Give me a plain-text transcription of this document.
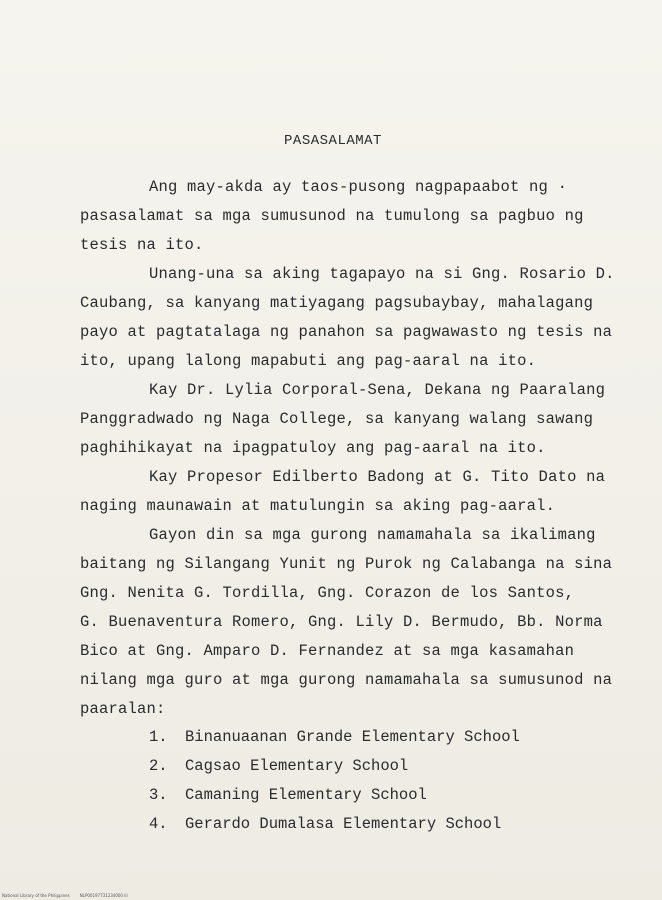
PASASALAMAT
Ang may-akda ay taos-pusong nagpapaabot ng ·
pasasalamat sa mga sumusunod na tumulong sa pagbuo ng
tesis na ito.
Unang-una sa aking tagapayo na si Gng. Rosario D.
Caubang, sa kanyang matiyagang pagsubaybay, mahalagang
payo at pagtatalaga ng panahon sa pagwawasto ng tesis na
ito, upang lalong mapabuti ang pag-aaral na ito.
Kay Dr. Lylia Corporal-Sena, Dekana ng Paaralang
Panggradwado ng Naga College, sa kanyang walang sawang
paghihikayat na ipagpatuloy ang pag-aaral na ito.
Kay Propesor Edilberto Badong at G. Tito Dato na
naging maunawain at matulungin sa aking pag-aaral.
Gayon din sa mga gurong namamahala sa ikalimang
baitang ng Silangang Yunit ng Purok ng Calabanga na sina
Gng. Nenita G. Tordilla, Gng. Corazon de los Santos,
G. Buenaventura Romero, Gng. Lily D. Bermudo, Bb. Norma
Bico at Gng. Amparo D. Fernandez at sa mga kasamahan
nilang mga guro at mga gurong namamahala sa sumusunod na
paaralan:
1. Binanuaanan Grande Elementary School
2. Cagsao Elementary School
3. Camaning Elementary School
4. Gerardo Dumalasa Elementary School
National Library of the Philippines	NLP00197731234000 lil
